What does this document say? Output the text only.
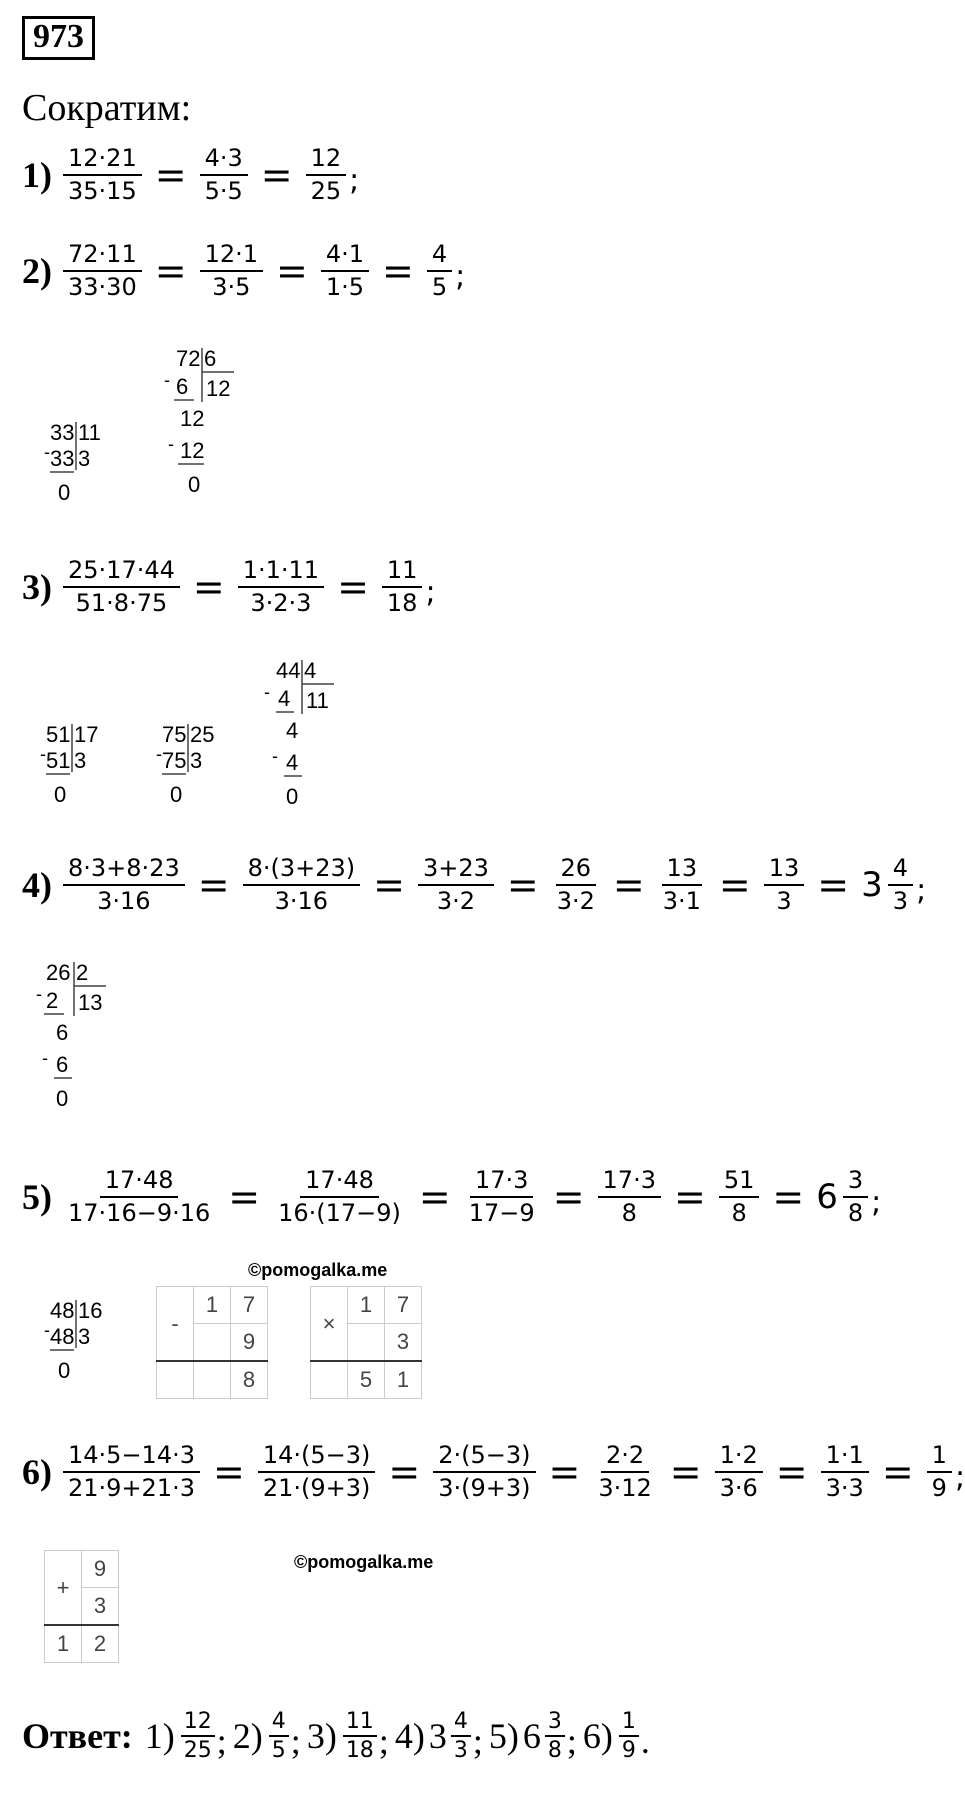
973
Сократим:
$1) \frac{12\cdot 21}{35\cdot 15} = \frac{4\cdot 3}{5\cdot 5} = \frac{12}{25}$ ;
$2) \frac{72\cdot 11}{33\cdot 30} = \frac{12\cdot 1}{3\cdot 5} = \frac{4\cdot 1}{1\cdot 5} = \frac{4}{5}$ ;
$3) \frac{25\cdot 17\cdot 44}{51\cdot 8\cdot 75} = \frac{1\cdot 1\cdot 11}{3\cdot 2\cdot 3} = \frac{11}{18}$ ;
$4) \frac{8\cdot 3+8\cdot 23}{3\cdot 16} = \frac{8\cdot(3+23)}{3\cdot 16} = \frac{3+23}{3\cdot 2} = \frac{26}{3\cdot 2} = \frac{13}{3\cdot 1} = \frac{13}{3} = 3 \frac{4}{3}$ ;
$5) \frac{17\cdot 48}{17\cdot 16-9\cdot 16} = \frac{17\cdot 48}{16\cdot(17-9)} = \frac{17\cdot 3}{17-9} = \frac{17\cdot 3}{8} = \frac{51}{8} = 6 \frac{3}{8}$ ;
$6) \frac{14\cdot 5-14\cdot 3}{21\cdot 9+21\cdot 3} = \frac{14\cdot(5-3)}{21\cdot(9+3)} = \frac{2\cdot(5-3)}{3\cdot(9+3)} = \frac{2\cdot 2}{3\cdot 12} = \frac{1\cdot 2}{3\cdot 6} = \frac{1\cdot 1}{3\cdot 3} = \frac{1}{9}$ ;
33 11
- 33 3
0
72 6
- 6 12
12
- 12
0
51 17
- 51 3
0
75 25
- 75 3
0
44 4
- 4 11
4
- 4
0
26 2
- 2 13
6
- 6
0
48 16
- 48 3
0
-	1	7
		9
		8
©pomogalka.me
×	1	7
		3
	5	1
+	9
	3
1	2
©pomogalka.me
Ответ: $1) \frac{12}{25}$ ; $2) \frac{4}{5}$ ; $3) \frac{11}{18}$ ; 4) $3 \frac{4}{3}$ ; 5) $6 \frac{3}{8}$ ; $6) \frac{1}{9}$ .
